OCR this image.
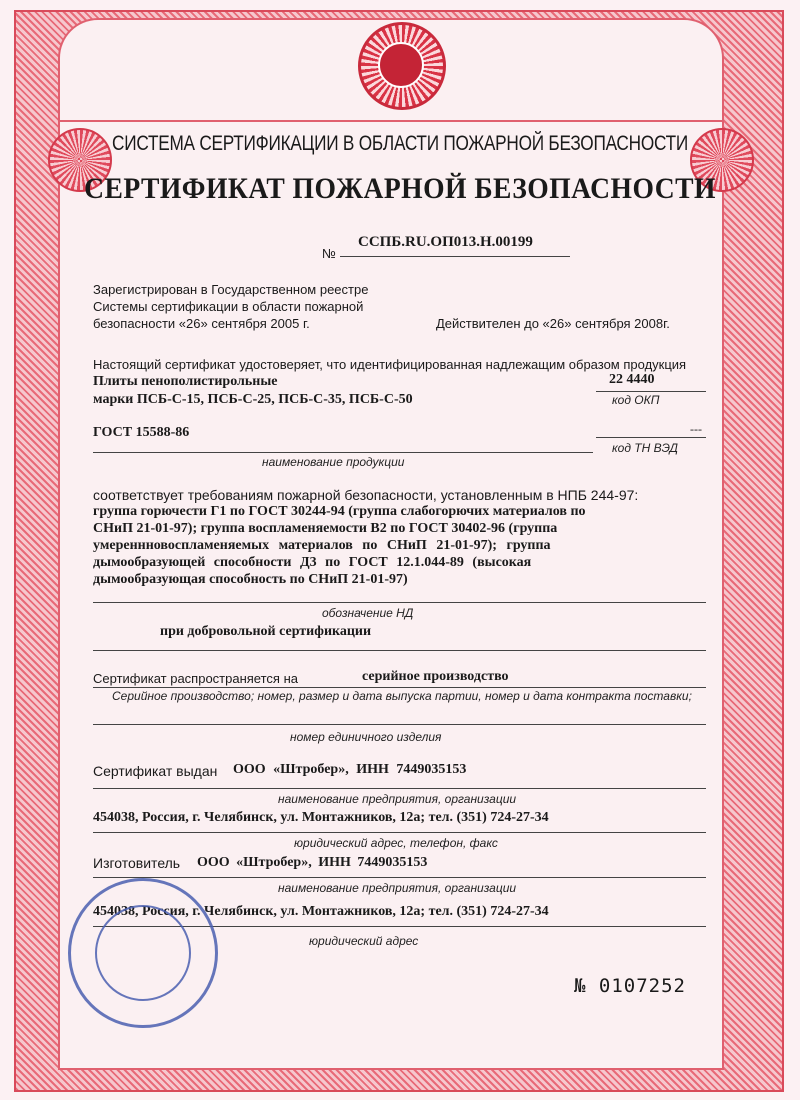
СИСТЕМА СЕРТИФИКАЦИИ В ОБЛАСТИ ПОЖАРНОЙ БЕЗОПАСНОСТИ
СЕРТИФИКАТ ПОЖАРНОЙ БЕЗОПАСНОСТИ
№
ССПБ.RU.ОП013.Н.00199
Зарегистрирован в Государственном реестре
Системы сертификации в области пожарной
безопасности «26» сентября 2005 г.	Действителен до «26» сентября 2008г.
Настоящий сертификат удостоверяет, что идентифицированная надлежащим образом продукция
Плиты пенополистирольные	22 4440
марки ПСБ-С-15, ПСБ-С-25, ПСБ-С-35, ПСБ-С-50	код ОКП
ГОСТ 15588-86	---
код ТН ВЭД
наименование продукции
соответствует требованиям пожарной безопасности, установленным в НПБ 244-97:
группа горючести Г1 по ГОСТ 30244-94 (группа слабогорючих материалов по
СНиП 21-01-97); группа воспламеняемости В2 по ГОСТ 30402-96 (группа
умереннновоспламеняемых материалов по СНиП 21-01-97); группа
дымообразующей способности Д3 по ГОСТ 12.1.044-89 (высокая
дымообразующая способность по СНиП 21-01-97)
обозначение НД
при добровольной сертификации
Сертификат распространяется на	серийное производство
Серийное производство; номер, размер и дата выпуска партии, номер и дата контракта поставки;
номер единичного изделия
Сертификат выдан ООО «Штробер», ИНН 7449035153
наименование предприятия, организации
454038, Россия, г. Челябинск, ул. Монтажников, 12а; тел. (351) 724-27-34
юридический адрес, телефон, факс
Изготовитель ООО «Штробер», ИНН 7449035153
наименование предприятия, организации
454038, Россия, г. Челябинск, ул. Монтажников, 12а; тел. (351) 724-27-34
юридический адрес
№ 0107252
